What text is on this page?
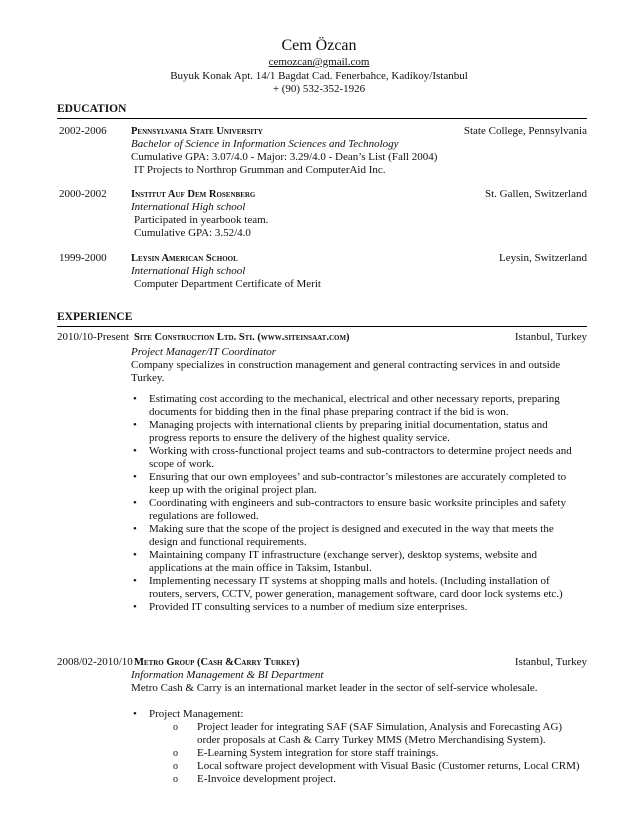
Cem Özcan
cemozcan@gmail.com
Buyuk Konak Apt. 14/1 Bagdat Cad. Fenerbahce, Kadikoy/Istanbul
+ (90) 532-352-1926
EDUCATION
2002-2006 Pennsylvania State University	State College, Pennsylvania
Bachelor of Science in Information Sciences and Technology
Cumulative GPA: 3.07/4.0 - Major: 3.29/4.0 - Dean’s List (Fall 2004)
IT Projects to Northrop Grumman and ComputerAid Inc.
2000-2002 Institut Auf Dem Rosenberg	St. Gallen, Switzerland
International High school
Participated in yearbook team.
Cumulative GPA: 3.52/4.0
1999-2000 Leysin American School	Leysin, Switzerland
International High school
Computer Department Certificate of Merit
EXPERIENCE
2010/10-Present Site Construction Ltd. Sti. (www.siteinsaat.com)	Istanbul, Turkey
Project Manager/IT Coordinator
Company specializes in construction management and general contracting services in and outside Turkey.
• Estimating cost according to the mechanical, electrical and other necessary reports, preparing documents for bidding then in the final phase preparing contract if the bid is won.
• Managing projects with international clients by preparing initial documentation, status and progress reports to ensure the delivery of the highest quality service.
• Working with cross-functional project teams and sub-contractors to determine project needs and scope of work.
• Ensuring that our own employees’ and sub-contractor’s milestones are accurately completed to keep up with the original project plan.
• Coordinating with engineers and sub-contractors to ensure basic worksite principles and safety regulations are followed.
• Making sure that the scope of the project is designed and executed in the way that meets the design and functional requirements.
• Maintaining company IT infrastructure (exchange server), desktop systems, website and applications at the main office in Taksim, Istanbul.
• Implementing necessary IT systems at shopping malls and hotels. (Including installation of routers, servers, CCTV, power generation, management software, card door lock systems etc.)
• Provided IT consulting services to a number of medium size enterprises.
2008/02-2010/10 Metro Group (Cash &Carry Turkey)	Istanbul, Turkey
Information Management & BI Department
Metro Cash & Carry is an international market leader in the sector of self-service wholesale.
• Project Management:
o Project leader for integrating SAF (SAF Simulation, Analysis and Forecasting AG) order proposals at Cash & Carry Turkey MMS (Metro Merchandising System).
o E-Learning System integration for store staff trainings.
o Local software project development with Visual Basic (Customer returns, Local CRM)
o E-Invoice development project.
